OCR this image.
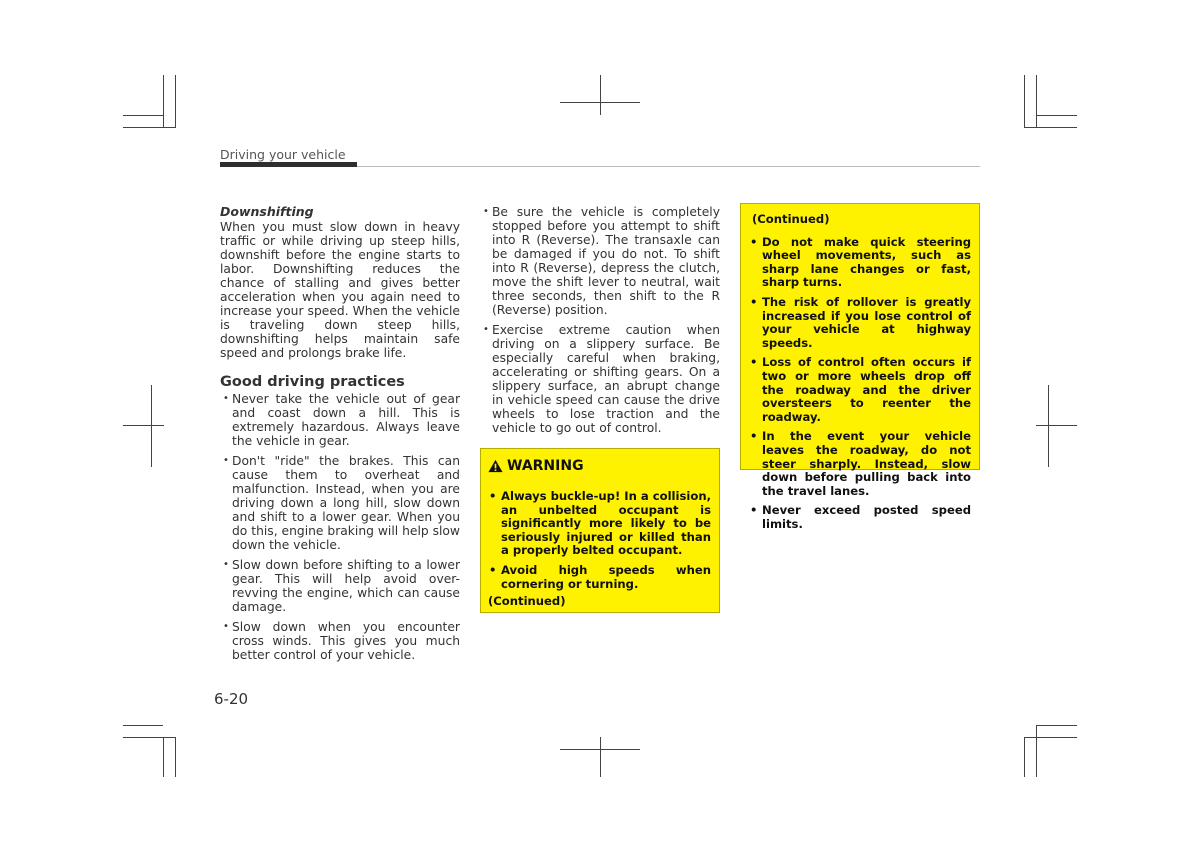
Driving your vehicle
Downshifting

When you must slow down in heavy traffic or while driving up steep hills, downshift before the engine starts to labor. Downshifting reduces the chance of stalling and gives better acceleration when you again need to increase your speed. When the vehicle is traveling down steep hills, downshifting helps maintain safe speed and prolongs brake life.

Good driving practices
• Never take the vehicle out of gear and coast down a hill. This is extremely hazardous. Always leave the vehicle in gear.
• Don't "ride" the brakes. This can cause them to overheat and malfunction. Instead, when you are driving down a long hill, slow down and shift to a lower gear. When you do this, engine braking will help slow down the vehicle.
• Slow down before shifting to a lower gear. This will help avoid over-revving the engine, which can cause damage.
• Slow down when you encounter cross winds. This gives you much better control of your vehicle.
• Be sure the vehicle is completely stopped before you attempt to shift into R (Reverse). The transaxle can be damaged if you do not. To shift into R (Reverse), depress the clutch, move the shift lever to neutral, wait three seconds, then shift to the R (Reverse) position.
• Exercise extreme caution when driving on a slippery surface. Be especially careful when braking, accelerating or shifting gears. On a slippery surface, an abrupt change in vehicle speed can cause the drive wheels to lose traction and the vehicle to go out of control.
WARNING
• Always buckle-up! In a collision, an unbelted occupant is significantly more likely to be seriously injured or killed than a properly belted occupant.
• Avoid high speeds when cornering or turning.
(Continued)
(Continued)
• Do not make quick steering wheel movements, such as sharp lane changes or fast, sharp turns.
• The risk of rollover is greatly increased if you lose control of your vehicle at highway speeds.
• Loss of control often occurs if two or more wheels drop off the roadway and the driver oversteers to reenter the roadway.
• In the event your vehicle leaves the roadway, do not steer sharply. Instead, slow down before pulling back into the travel lanes.
• Never exceed posted speed limits.
6-20
